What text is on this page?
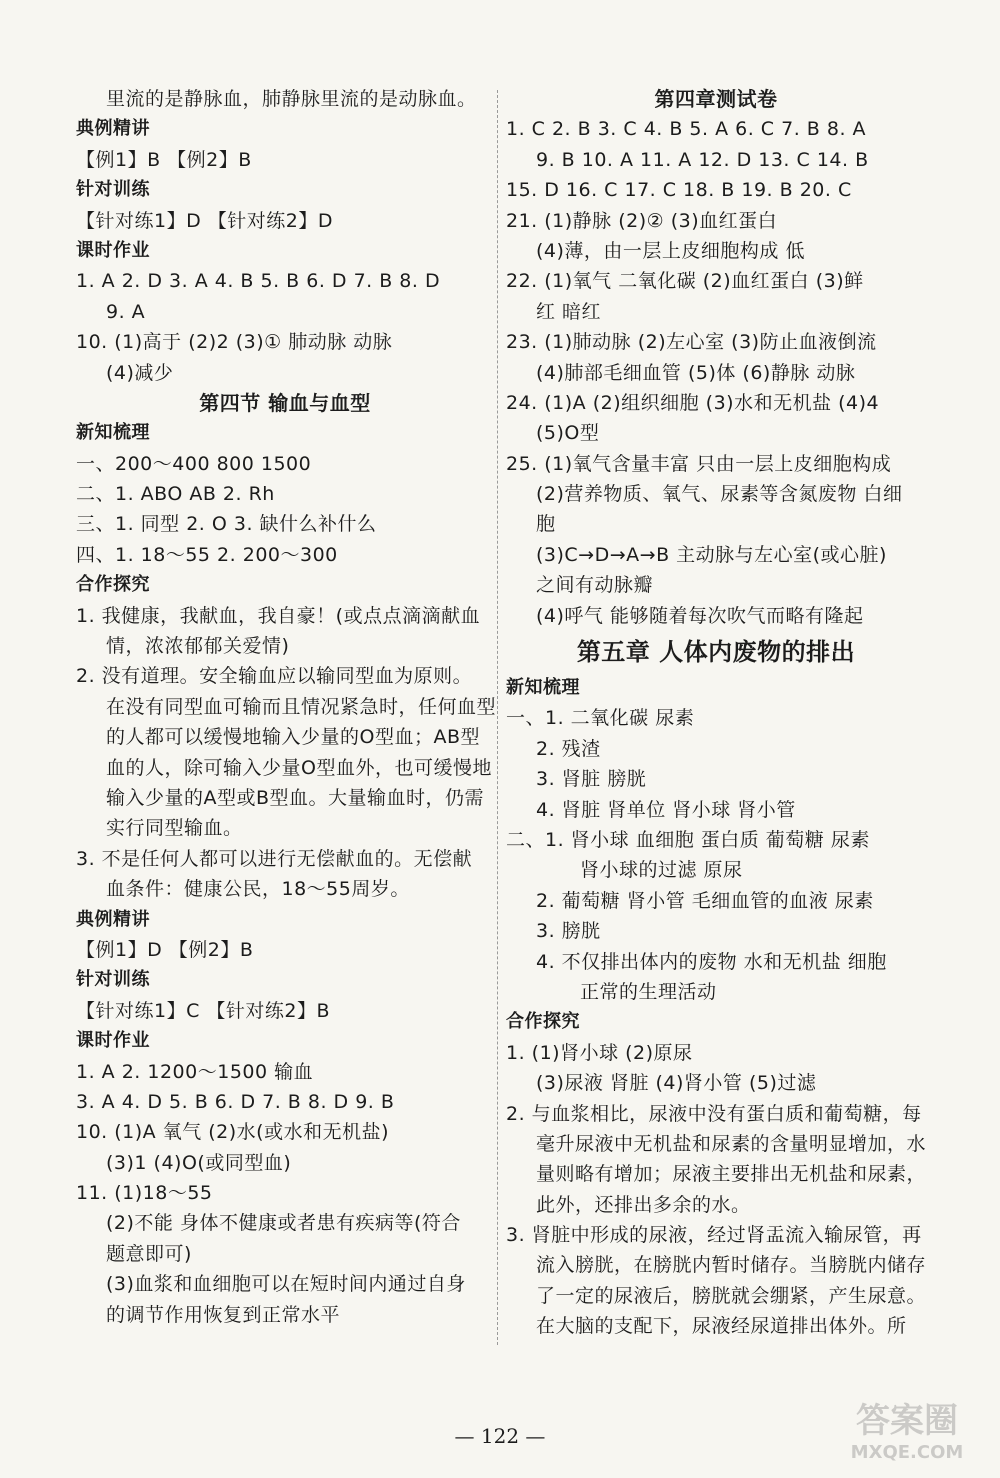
里流的是静脉血，肺静脉里流的是动脉血。
典例精讲
【例1】B 【例2】B
针对训练
【针对练1】D 【针对练2】D
课时作业
1. A 2. D 3. A 4. B 5. B 6. D 7. B 8. D
9. A
10. (1)高于 (2)2 (3)① 肺动脉 动脉
(4)减少
第四节 输血与血型
新知梳理
一、200～400 800 1500
二、1. ABO AB 2. Rh
三、1. 同型 2. O 3. 缺什么补什么
四、1. 18～55 2. 200～300
合作探究
1. 我健康，我献血，我自豪！(或点点滴滴献血
情，浓浓郁郁关爱情)
2. 没有道理。安全输血应以输同型血为原则。
在没有同型血可输而且情况紧急时，任何血型
的人都可以缓慢地输入少量的O型血；AB型
血的人，除可输入少量O型血外，也可缓慢地
输入少量的A型或B型血。大量输血时，仍需
实行同型输血。
3. 不是任何人都可以进行无偿献血的。无偿献
血条件：健康公民，18～55周岁。
典例精讲
【例1】D 【例2】B
针对训练
【针对练1】C 【针对练2】B
课时作业
1. A 2. 1200～1500 输血
3. A 4. D 5. B 6. D 7. B 8. D 9. B
10. (1)A 氧气 (2)水(或水和无机盐)
(3)1 (4)O(或同型血)
11. (1)18～55
(2)不能 身体不健康或者患有疾病等(符合
题意即可)
(3)血浆和血细胞可以在短时间内通过自身
的调节作用恢复到正常水平
第四章测试卷
1. C 2. B 3. C 4. B 5. A 6. C 7. B 8. A
9. B 10. A 11. A 12. D 13. C 14. B
15. D 16. C 17. C 18. B 19. B 20. C
21. (1)静脉 (2)② (3)血红蛋白
(4)薄，由一层上皮细胞构成 低
22. (1)氧气 二氧化碳 (2)血红蛋白 (3)鲜
红 暗红
23. (1)肺动脉 (2)左心室 (3)防止血液倒流
(4)肺部毛细血管 (5)体 (6)静脉 动脉
24. (1)A (2)组织细胞 (3)水和无机盐 (4)4
(5)O型
25. (1)氧气含量丰富 只由一层上皮细胞构成
(2)营养物质、氧气、尿素等含氮废物 白细
胞
(3)C→D→A→B 主动脉与左心室(或心脏)
之间有动脉瓣
(4)呼气 能够随着每次吹气而略有隆起
第五章 人体内废物的排出
新知梳理
一、1. 二氧化碳 尿素
2. 残渣
3. 肾脏 膀胱
4. 肾脏 肾单位 肾小球 肾小管
二、1. 肾小球 血细胞 蛋白质 葡萄糖 尿素
肾小球的过滤 原尿
2. 葡萄糖 肾小管 毛细血管的血液 尿素
3. 膀胱
4. 不仅排出体内的废物 水和无机盐 细胞
正常的生理活动
合作探究
1. (1)肾小球 (2)原尿
(3)尿液 肾脏 (4)肾小管 (5)过滤
2. 与血浆相比，尿液中没有蛋白质和葡萄糖，每
毫升尿液中无机盐和尿素的含量明显增加，水
量则略有增加；尿液主要排出无机盐和尿素，
此外，还排出多余的水。
3. 肾脏中形成的尿液，经过肾盂流入输尿管，再
流入膀胱，在膀胱内暂时储存。当膀胱内储存
了一定的尿液后，膀胱就会绷紧，产生尿意。
在大脑的支配下，尿液经尿道排出体外。所
— 122 —	答案圈
MXQE.COM
